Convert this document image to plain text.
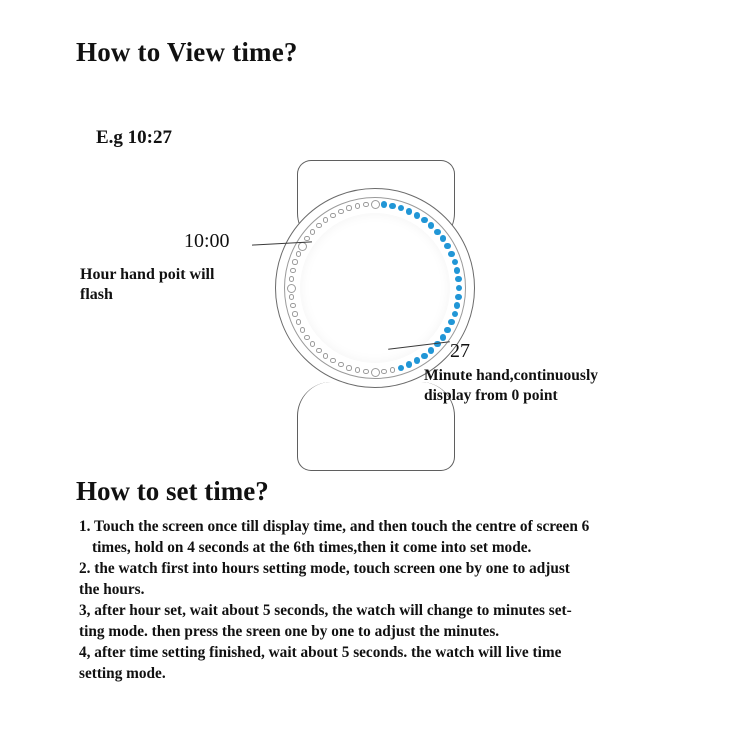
How to View time?
E.g 10:27
10:00
Hour hand poit will
flash
27
Minute hand,continuously
display from 0 point
How to set time?

1. Touch the screen once till display time, and then touch the centre of screen 6

times, hold on 4 seconds at the 6th times,then it come into set mode.

2. the watch first into hours setting mode, touch screen one by one to adjust

the hours.

3, after hour set, wait about 5 seconds, the watch will change to minutes set-

ting mode. then press the sreen one by one to adjust the minutes.

4, after time setting finished, wait about 5 seconds. the watch will live time

setting mode.
